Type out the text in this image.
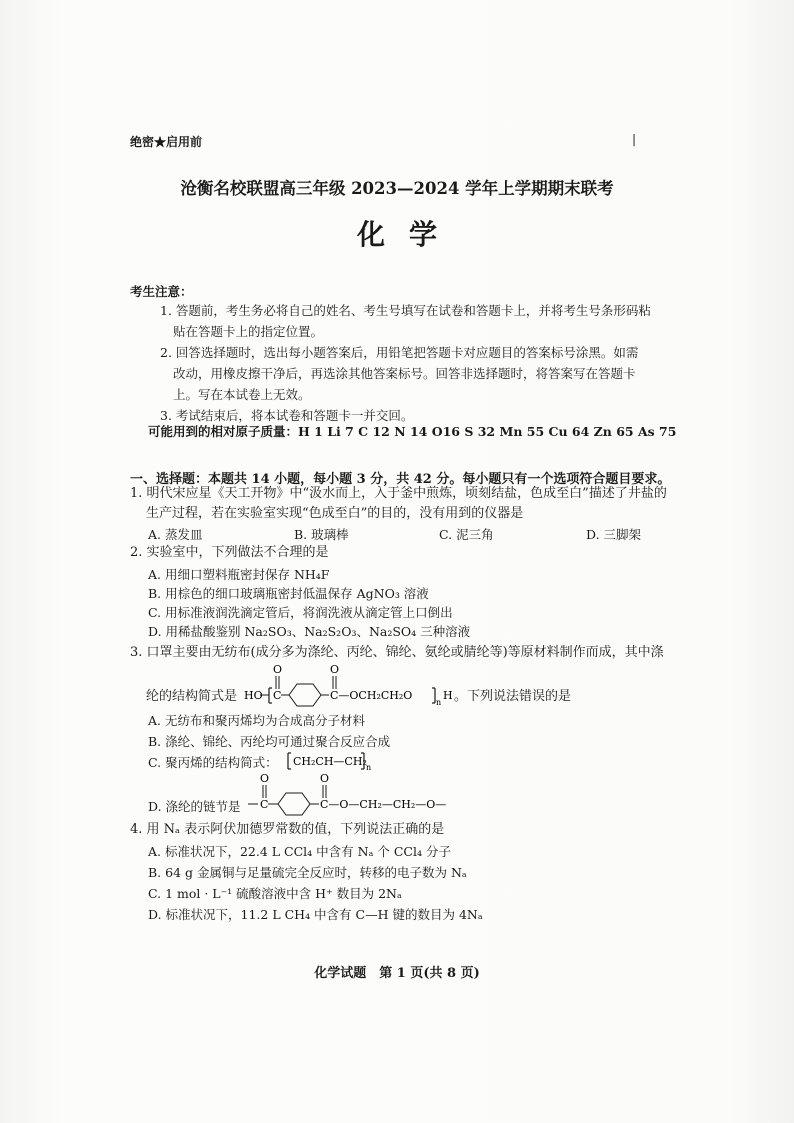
绝密★启用前	|
沧衡名校联盟高三年级 2023—2024 学年上学期期末联考
化学
考生注意：
1. 答题前，考生务必将自己的姓名、考生号填写在试卷和答题卡上，并将考生号条形码粘
贴在答题卡上的指定位置。
2. 回答选择题时，选出每小题答案后，用铅笔把答题卡对应题目的答案标号涂黑。如需
改动，用橡皮擦干净后，再选涂其他答案标号。回答非选择题时，将答案写在答题卡
上。写在本试卷上无效。
3. 考试结束后，将本试卷和答题卡一并交回。
可能用到的相对原子质量：H 1 Li 7 C 12 N 14 O16 S 32 Mn 55 Cu 64 Zn 65 As 75
一、选择题：本题共 14 小题，每小题 3 分，共 42 分。每小题只有一个选项符合题目要求。
1. 明代宋应星《天工开物》中“汲水而上，入于釜中煎炼，顷刻结盐，色成至白”描述了井盐的
生产过程，若在实验室实现“色成至白”的目的，没有用到的仪器是
A. 蒸发皿	B. 玻璃棒	C. 泥三角	D. 三脚架
2. 实验室中，下列做法不合理的是
A. 用细口塑料瓶密封保存 NH₄F
B. 用棕色的细口玻璃瓶密封低温保存 AgNO₃ 溶液
C. 用标准液润洗滴定管后，将润洗液从滴定管上口倒出
D. 用稀盐酸鉴别 Na₂SO₃、Na₂S₂O₃、Na₂SO₄ 三种溶液
3. 口罩主要由无纺布(成分多为涤纶、丙纶、锦纶、氨纶或腈纶等)等原材料制作而成，其中涤
纶的结构简式是 HO C
O	O
C—OCH₂CH₂O
n
H 。下列说法错误的是
A. 无纺布和聚丙烯均为合成高分子材料
B. 涤纶、锦纶、丙纶均可通过聚合反应合成
C. 聚丙烯的结构简式： CH₂CH—CH₂ n
D. 涤纶的链节是 C
O	O
C—O—CH₂—CH₂—O—
4. 用 Nₐ 表示阿伏加德罗常数的值，下列说法正确的是
A. 标准状况下，22.4 L CCl₄ 中含有 Nₐ 个 CCl₄ 分子
B. 64 g 金属铜与足量硫完全反应时，转移的电子数为 Nₐ
C. 1 mol · L⁻¹ 硫酸溶液中含 H⁺ 数目为 2Nₐ
D. 标准状况下，11.2 L CH₄ 中含有 C—H 键的数目为 4Nₐ
化学试题　第 1 页(共 8 页)
